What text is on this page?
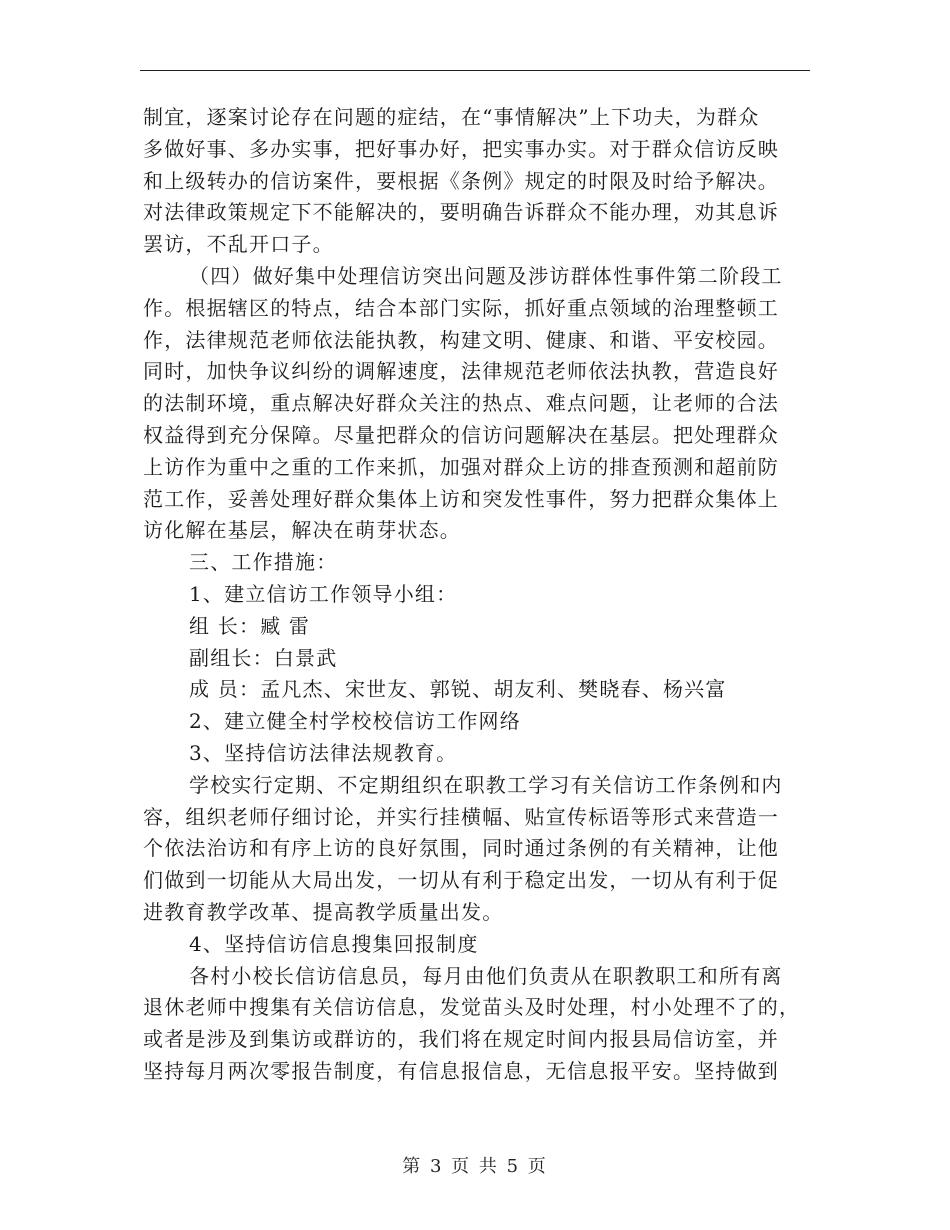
制宜，逐案讨论存在问题的症结，在“事情解决”上下功夫，为群众
多做好事、多办实事，把好事办好，把实事办实。对于群众信访反映
和上级转办的信访案件，要根据《条例》规定的时限及时给予解决。
对法律政策规定下不能解决的，要明确告诉群众不能办理，劝其息诉
罢访，不乱开口子。
（四）做好集中处理信访突出问题及涉访群体性事件第二阶段工
作。根据辖区的特点，结合本部门实际，抓好重点领域的治理整顿工
作，法律规范老师依法能执教，构建文明、健康、和谐、平安校园。
同时，加快争议纠纷的调解速度，法律规范老师依法执教，营造良好
的法制环境，重点解决好群众关注的热点、难点问题，让老师的合法
权益得到充分保障。尽量把群众的信访问题解决在基层。把处理群众
上访作为重中之重的工作来抓，加强对群众上访的排查预测和超前防
范工作，妥善处理好群众集体上访和突发性事件，努力把群众集体上
访化解在基层，解决在萌芽状态。
三、工作措施：
1、建立信访工作领导小组：
组 长：臧 雷
副组长：白景武
成 员：孟凡杰、宋世友、郭锐、胡友利、樊晓春、杨兴富
2、建立健全村学校校信访工作网络
3、坚持信访法律法规教育。
学校实行定期、不定期组织在职教工学习有关信访工作条例和内
容，组织老师仔细讨论，并实行挂横幅、贴宣传标语等形式来营造一
个依法治访和有序上访的良好氛围，同时通过条例的有关精神，让他
们做到一切能从大局出发，一切从有利于稳定出发，一切从有利于促
进教育教学改革、提高教学质量出发。
4、坚持信访信息搜集回报制度
各村小校长信访信息员，每月由他们负责从在职教职工和所有离
退休老师中搜集有关信访信息，发觉苗头及时处理，村小处理不了的，
或者是涉及到集访或群访的，我们将在规定时间内报县局信访室，并
坚持每月两次零报告制度，有信息报信息，无信息报平安。坚持做到
第 3 页 共 5 页
